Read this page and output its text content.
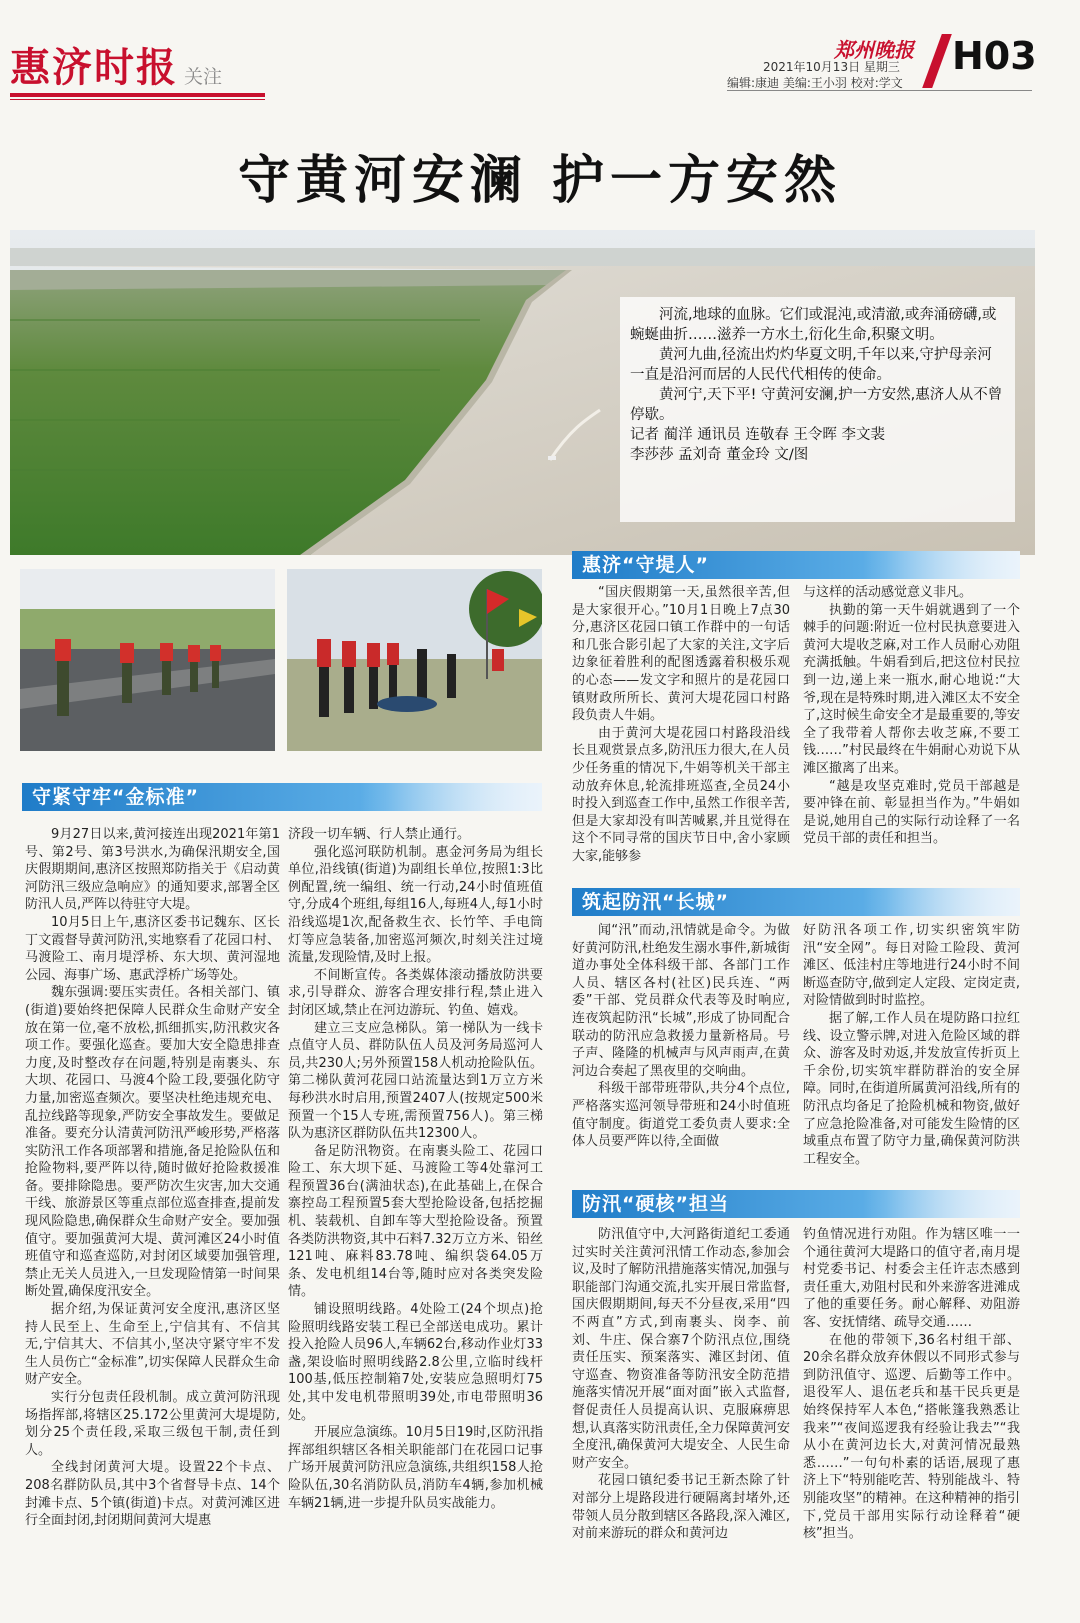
惠济时报 关注
郑州晚报
2021年10月13日 星期三
编辑:康迪 美编:王小羽 校对:学文
H03
守黄河安澜 护一方安然

河流,地球的血脉。它们或混沌,或清澈,或奔涌磅礴,或蜿蜒曲折……滋养一方水土,衍化生命,积聚文明。

黄河九曲,径流出灼灼华夏文明,千年以来,守护母亲河一直是沿河而居的人民代代相传的使命。

黄河宁,天下平! 守黄河安澜,护一方安然,惠济人从不曾停歇。

记者 蔺洋 通讯员 连敬春 王令晖 李文裴
李莎莎 孟刘奇 董金玲 文/图
守紧守牢“金标准”
惠济“守堤人”
筑起防汛“长城”
防汛“硬核”担当

9月27日以来,黄河接连出现2021年第1号、第2号、第3号洪水,为确保汛期安全,国庆假期期间,惠济区按照郑防指关于《启动黄河防汛三级应急响应》的通知要求,部署全区防汛人员,严阵以待驻守大堤。

10月5日上午,惠济区委书记魏东、区长丁文霞督导黄河防汛,实地察看了花园口村、马渡险工、南月堤浮桥、东大坝、黄河湿地公园、海事广场、惠武浮桥广场等处。

魏东强调:要压实责任。各相关部门、镇(街道)要始终把保障人民群众生命财产安全放在第一位,毫不放松,抓细抓实,防汛救灾各项工作。要强化巡查。要加大安全隐患排查力度,及时整改存在问题,特别是南裹头、东大坝、花园口、马渡4个险工段,要强化防守力量,加密巡查频次。要坚决杜绝违规充电、乱拉线路等现象,严防安全事故发生。要做足准备。要充分认清黄河防汛严峻形势,严格落实防汛工作各项部署和措施,备足抢险队伍和抢险物料,要严阵以待,随时做好抢险救援准备。要排除隐患。要严防次生灾害,加大交通干线、旅游景区等重点部位巡查排查,提前发现风险隐患,确保群众生命财产安全。要加强值守。要加强黄河大堤、黄河滩区24小时值班值守和巡查巡防,对封闭区域要加强管理,禁止无关人员进入,一旦发现险情第一时间果断处置,确保度汛安全。

据介绍,为保证黄河安全度汛,惠济区坚持人民至上、生命至上,宁信其有、不信其无,宁信其大、不信其小,坚决守紧守牢不发生人员伤亡“金标准”,切实保障人民群众生命财产安全。

实行分包责任段机制。成立黄河防汛现场指挥部,将辖区25.172公里黄河大堤堤防,划分25个责任段,采取三级包干制,责任到人。

全线封闭黄河大堤。设置22个卡点、208名群防队员,其中3个省督导卡点、14个封滩卡点、5个镇(街道)卡点。对黄河滩区进行全面封闭,封闭期间黄河大堤惠

济段一切车辆、行人禁止通行。

强化巡河联防机制。惠金河务局为组长单位,沿线镇(街道)为副组长单位,按照1:3比例配置,统一编组、统一行动,24小时值班值守,分成4个班组,每组16人,每班4人,每1小时沿线巡堤1次,配备救生衣、长竹竿、手电筒灯等应急装备,加密巡河频次,时刻关注过境流量,发现险情,及时上报。

不间断宣传。各类媒体滚动播放防洪要求,引导群众、游客合理安排行程,禁止进入封闭区域,禁止在河边游玩、钓鱼、嬉戏。

建立三支应急梯队。第一梯队为一线卡点值守人员、群防队伍人员及河务局巡河人员,共230人;另外预置158人机动抢险队伍。第二梯队黄河花园口站流量达到1万立方米每秒洪水时启用,预置2407人(按规定500米预置一个15人专班,需预置756人)。第三梯队为惠济区群防队伍共12300人。

备足防汛物资。在南裹头险工、花园口险工、东大坝下延、马渡险工等4处靠河工程预置36台(满油状态),在此基础上,在保合寨控岛工程预置5套大型抢险设备,包括挖掘机、装载机、自卸车等大型抢险设备。预置各类防洪物资,其中石料7.32万立方米、铅丝121吨、麻料83.78吨、编织袋64.05万条、发电机组14台等,随时应对各类突发险情。

铺设照明线路。4处险工(24个坝点)抢险照明线路安装工程已全部送电成功。累计投入抢险人员96人,车辆62台,移动作业灯33盏,架设临时照明线路2.8公里,立临时线杆100基,低压控制箱7处,安装应急照明灯75处,其中发电机带照明39处,市电带照明36处。

开展应急演练。10月5日19时,区防汛指挥部组织辖区各相关职能部门在花园口记事广场开展黄河防汛应急演练,共组织158人抢险队伍,30名消防队员,消防车4辆,参加机械车辆21辆,进一步提升队员实战能力。

“国庆假期第一天,虽然很辛苦,但是大家很开心。”10月1日晚上7点30分,惠济区花园口镇工作群中的一句话和几张合影引起了大家的关注,文字后边象征着胜利的配图透露着积极乐观的心态——发文字和照片的是花园口镇财政所所长、黄河大堤花园口村路段负责人牛娟。

由于黄河大堤花园口村路段沿线长且观赏景点多,防汛压力很大,在人员少任务重的情况下,牛娟等机关干部主动放弃休息,轮流排班巡查,全员24小时投入到巡查工作中,虽然工作很辛苦,但是大家却没有叫苦喊累,并且觉得在这个不同寻常的国庆节日中,舍小家顾大家,能够参

与这样的活动感觉意义非凡。

执勤的第一天牛娟就遇到了一个棘手的问题:附近一位村民执意要进入黄河大堤收芝麻,对工作人员耐心劝阻充满抵触。牛娟看到后,把这位村民拉到一边,递上来一瓶水,耐心地说:“大爷,现在是特殊时期,进入滩区太不安全了,这时候生命安全才是最重要的,等安全了我带着人帮你去收芝麻,不要工钱……”村民最终在牛娟耐心劝说下从滩区撤离了出来。

“越是攻坚克难时,党员干部越是要冲锋在前、彰显担当作为。”牛娟如是说,她用自己的实际行动诠释了一名党员干部的责任和担当。

闻“汛”而动,汛情就是命令。为做好黄河防汛,杜绝发生溺水事件,新城街道办事处全体科级干部、各部门工作人员、辖区各村(社区)民兵连、“两委”干部、党员群众代表等及时响应,连夜筑起防汛“长城”,形成了协同配合联动的防汛应急救援力量新格局。号子声、隆隆的机械声与风声雨声,在黄河边合奏起了黑夜里的交响曲。

科级干部带班带队,共分4个点位,严格落实巡河领导带班和24小时值班值守制度。街道党工委负责人要求:全体人员要严阵以待,全面做

好防汛各项工作,切实织密筑牢防汛“安全网”。每日对险工险段、黄河滩区、低洼村庄等地进行24小时不间断巡查防守,做到定人定段、定岗定责,对险情做到时时监控。

据了解,工作人员在堤防路口拉红线、设立警示牌,对进入危险区域的群众、游客及时劝返,并发放宣传折页上千余份,切实筑牢群防群治的安全屏障。同时,在街道所属黄河沿线,所有的防汛点均备足了抢险机械和物资,做好了应急抢险准备,对可能发生险情的区域重点布置了防守力量,确保黄河防洪工程安全。

防汛值守中,大河路街道纪工委通过实时关注黄河汛情工作动态,参加会议,及时了解防汛措施落实情况,加强与职能部门沟通交流,扎实开展日常监督,国庆假期期间,每天不分昼夜,采用“四不两直”方式,到南裹头、岗李、前刘、牛庄、保合寨7个防汛点位,围绕责任压实、预案落实、滩区封闭、值守巡查、物资准备等防汛安全防范措施落实情况开展“面对面”嵌入式监督,督促责任人员提高认识、克服麻痹思想,认真落实防汛责任,全力保障黄河安全度汛,确保黄河大堤安全、人民生命财产安全。

花园口镇纪委书记王新杰除了针对部分上堤路段进行硬隔离封堵外,还带领人员分散到辖区各路段,深入滩区,对前来游玩的群众和黄河边

钓鱼情况进行劝阻。作为辖区唯一一个通往黄河大堤路口的值守者,南月堤村党委书记、村委会主任许志杰感到责任重大,劝阻村民和外来游客进滩成了他的重要任务。耐心解释、劝阻游客、安抚情绪、疏导交通……

在他的带领下,36名村组干部、20余名群众放弃休假以不同形式参与到防汛值守、巡逻、后勤等工作中。退役军人、退伍老兵和基干民兵更是始终保持军人本色,“搭帐篷我熟悉让我来”“夜间巡逻我有经验让我去”“我从小在黄河边长大,对黄河情况最熟悉……”一句句朴素的话语,展现了惠济上下“特别能吃苦、特别能战斗、特别能攻坚”的精神。在这种精神的指引下,党员干部用实际行动诠释着“硬核”担当。
